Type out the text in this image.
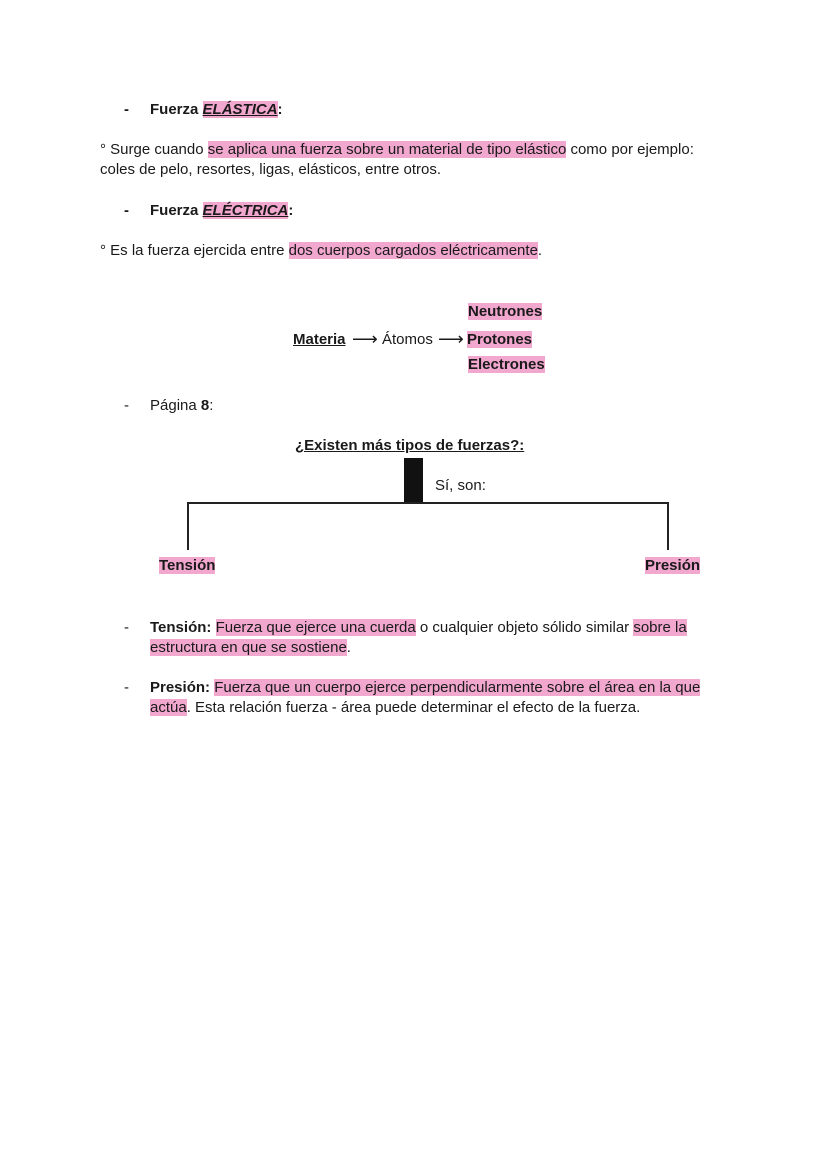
- Fuerza ELÁSTICA:
° Surge cuando se aplica una fuerza sobre un material de tipo elástico como por ejemplo:
coles de pelo, resortes, ligas, elásticos, entre otros.
- Fuerza ELÉCTRICA:
° Es la fuerza ejercida entre dos cuerpos cargados eléctricamente.
Neutrones
Materia ⟶ Átomos ⟶ Protones
Electrones
- Página 8:
¿Existen más tipos de fuerzas?:
Sí, son:
Tensión	Presión
- Tensión: Fuerza que ejerce una cuerda o cualquier objeto sólido similar sobre la
estructura en que se sostiene.
- Presión: Fuerza que un cuerpo ejerce perpendicularmente sobre el área en la que
actúa. Esta relación fuerza - área puede determinar el efecto de la fuerza.
